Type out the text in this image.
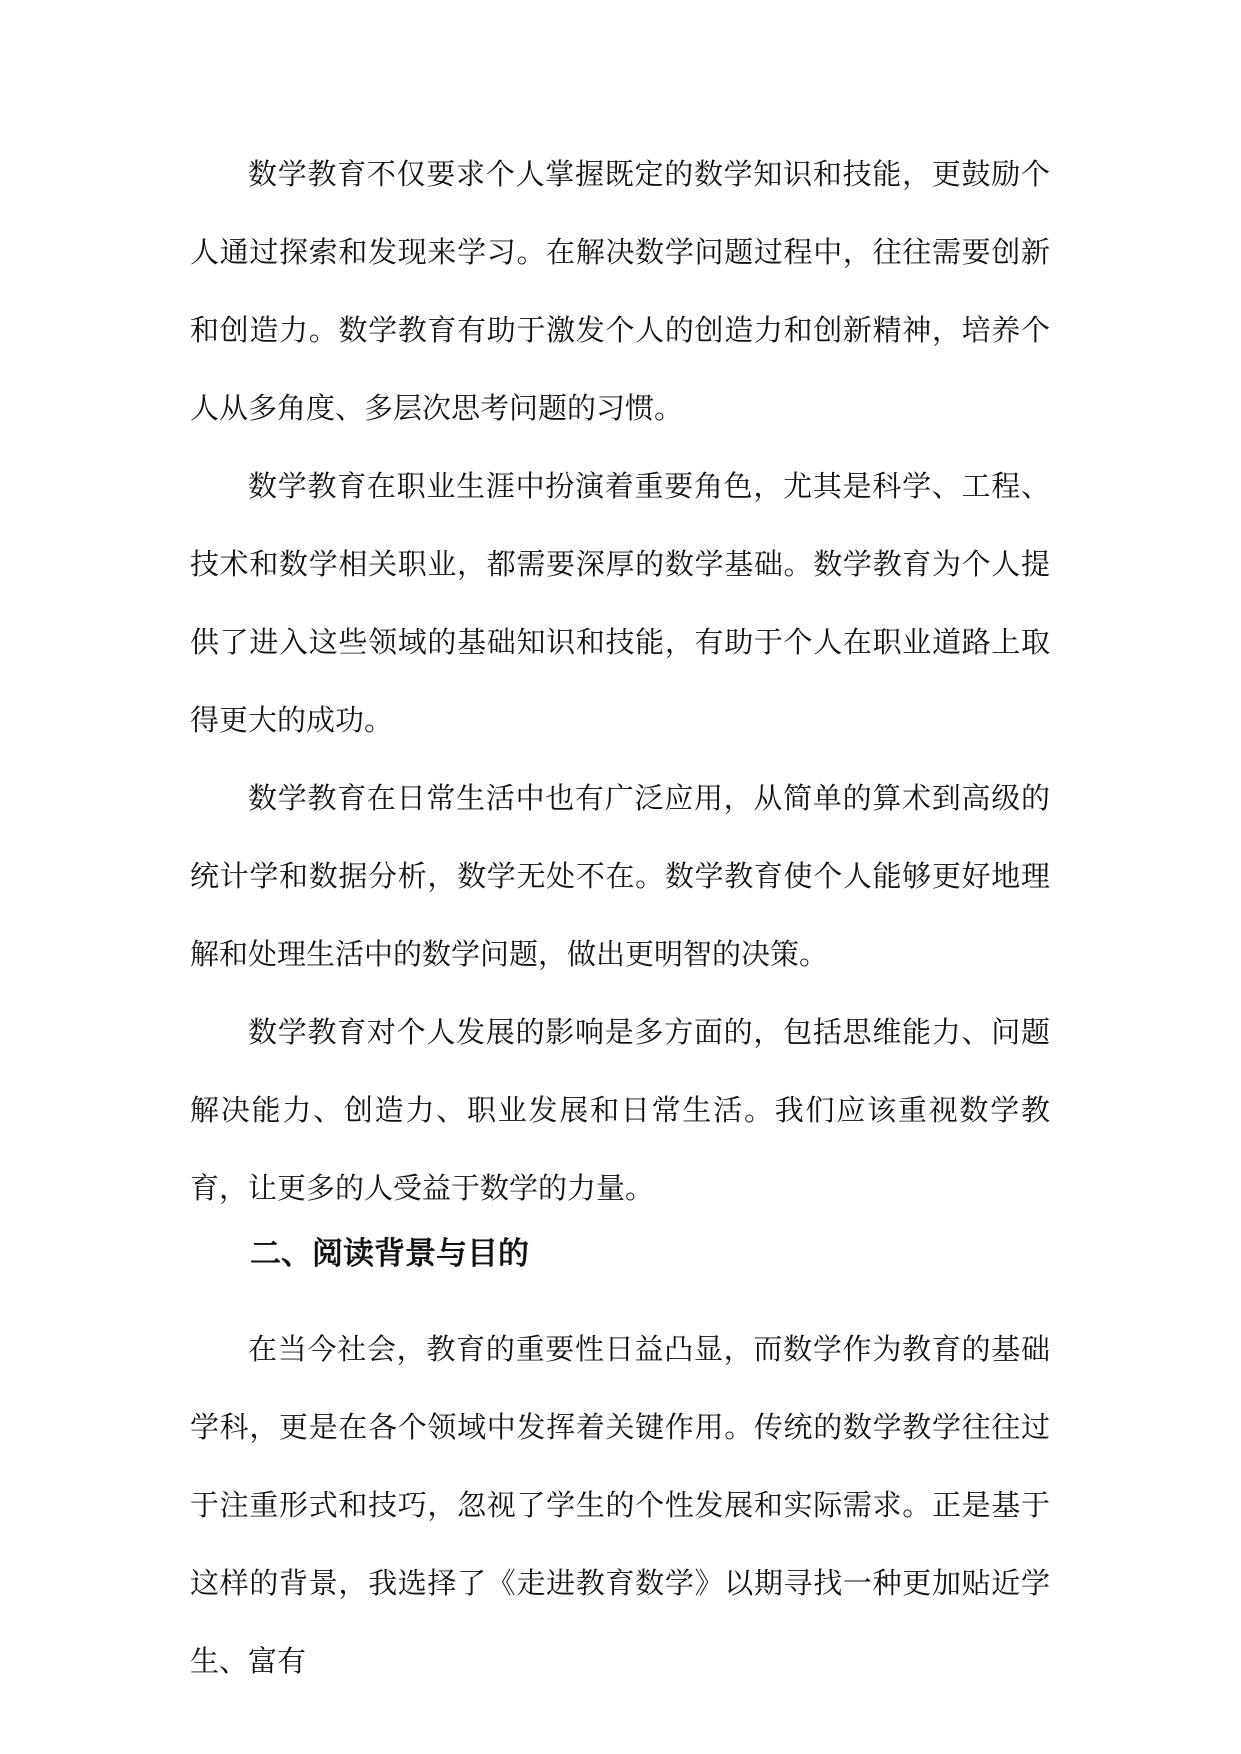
数学教育不仅要求个人掌握既定的数学知识和技能，更鼓励个人通过探索和发现来学习。在解决数学问题过程中，往往需要创新和创造力。数学教育有助于激发个人的创造力和创新精神，培养个人从多角度、多层次思考问题的习惯。

数学教育在职业生涯中扮演着重要角色，尤其是科学、工程、技术和数学相关职业，都需要深厚的数学基础。数学教育为个人提供了进入这些领域的基础知识和技能，有助于个人在职业道路上取得更大的成功。

数学教育在日常生活中也有广泛应用，从简单的算术到高级的统计学和数据分析，数学无处不在。数学教育使个人能够更好地理解和处理生活中的数学问题，做出更明智的决策。

数学教育对个人发展的影响是多方面的，包括思维能力、问题解决能力、创造力、职业发展和日常生活。我们应该重视数学教育，让更多的人受益于数学的力量。

二、阅读背景与目的

在当今社会，教育的重要性日益凸显，而数学作为教育的基础学科，更是在各个领域中发挥着关键作用。传统的数学教学往往过于注重形式和技巧，忽视了学生的个性发展和实际需求。正是基于这样的背景，我选择了《走进教育数学》以期寻找一种更加贴近学生、富有
